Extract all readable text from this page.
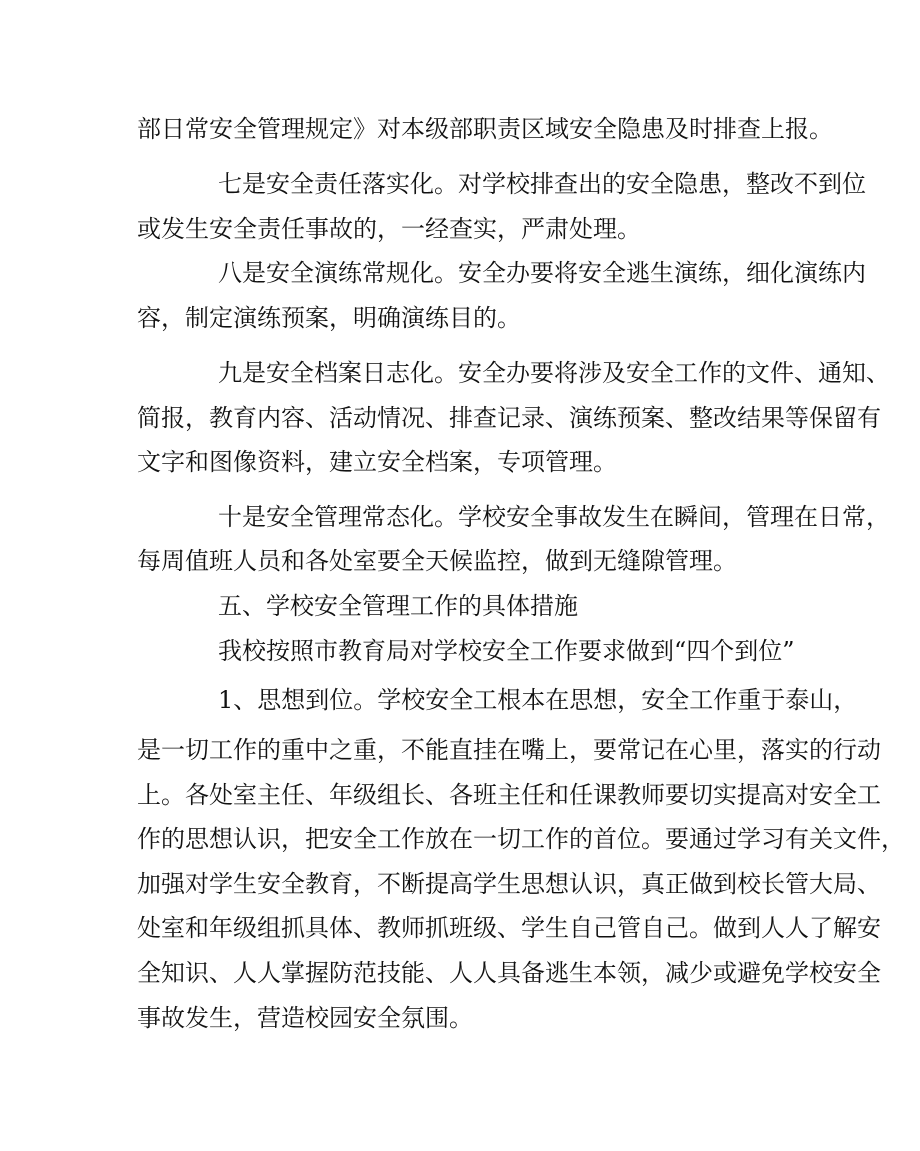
部日常安全管理规定》对本级部职责区域安全隐患及时排查上报。
七是安全责任落实化。对学校排查出的安全隐患，整改不到位
或发生安全责任事故的，一经查实，严肃处理。
八是安全演练常规化。安全办要将安全逃生演练，细化演练内
容，制定演练预案，明确演练目的。
九是安全档案日志化。安全办要将涉及安全工作的文件、通知、
简报，教育内容、活动情况、排查记录、演练预案、整改结果等保留有
文字和图像资料，建立安全档案，专项管理。
十是安全管理常态化。学校安全事故发生在瞬间，管理在日常，
每周值班人员和各处室要全天候监控，做到无缝隙管理。
五、学校安全管理工作的具体措施
我校按照市教育局对学校安全工作要求做到“四个到位”
1、思想到位。学校安全工根本在思想，安全工作重于泰山，
是一切工作的重中之重，不能直挂在嘴上，要常记在心里，落实的行动
上。各处室主任、年级组长、各班主任和任课教师要切实提高对安全工
作的思想认识，把安全工作放在一切工作的首位。要通过学习有关文件，
加强对学生安全教育，不断提高学生思想认识，真正做到校长管大局、
处室和年级组抓具体、教师抓班级、学生自己管自己。做到人人了解安
全知识、人人掌握防范技能、人人具备逃生本领，减少或避免学校安全
事故发生，营造校园安全氛围。
